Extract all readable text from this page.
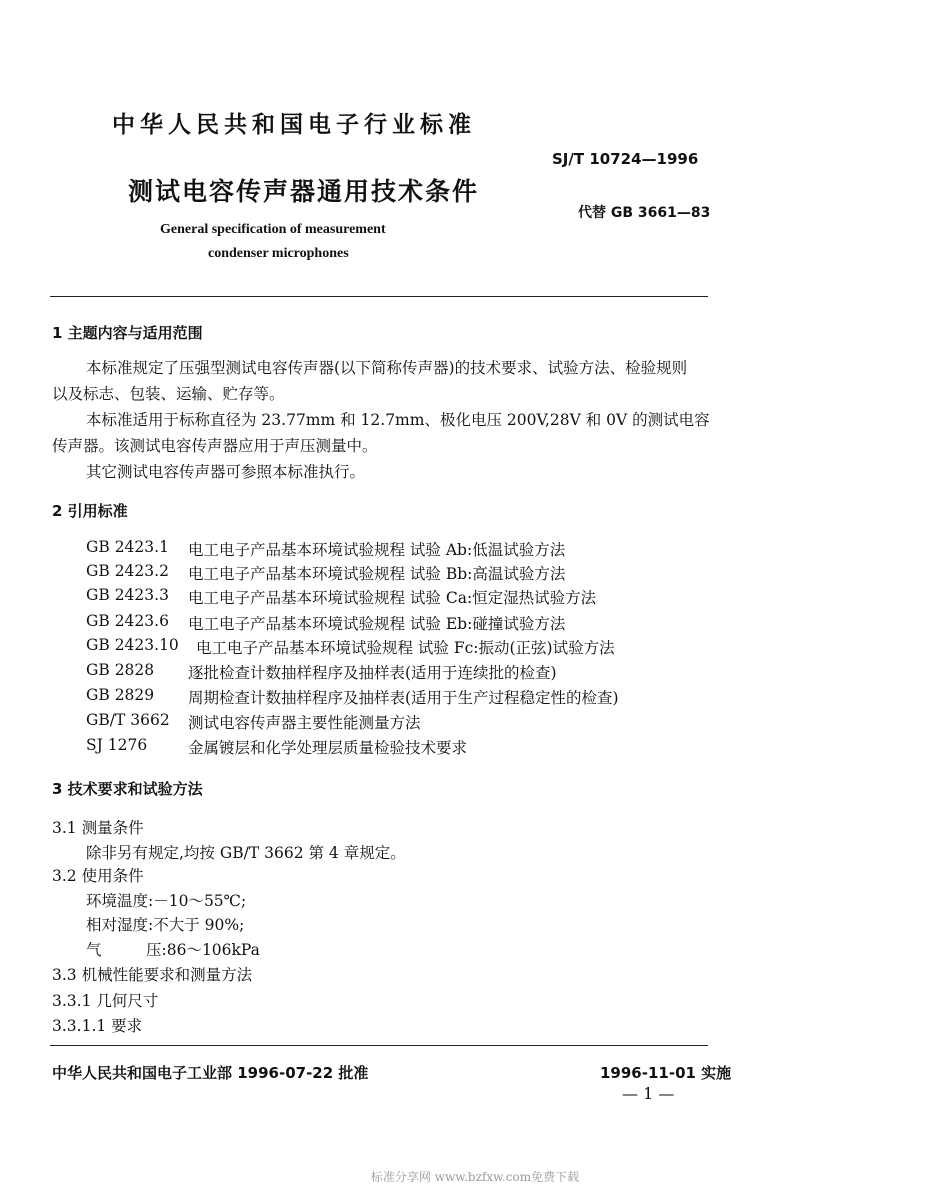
中华人民共和国电子行业标准
SJ/T 10724—1996
测试电容传声器通用技术条件
代替 GB 3661—83
General specification of measurement
condenser microphones
1 主题内容与适用范围
本标准规定了压强型测试电容传声器(以下简称传声器)的技术要求、试验方法、检验规则
以及标志、包装、运输、贮存等。
本标准适用于标称直径为 23.77mm 和 12.7mm、极化电压 200V,28V 和 0V 的测试电容
传声器。该测试电容传声器应用于声压测量中。
其它测试电容传声器可参照本标准执行。
2 引用标准
GB 2423.1 电工电子产品基本环境试验规程 试验 Ab:低温试验方法
GB 2423.2 电工电子产品基本环境试验规程 试验 Bb:高温试验方法
GB 2423.3 电工电子产品基本环境试验规程 试验 Ca:恒定湿热试验方法
GB 2423.6 电工电子产品基本环境试验规程 试验 Eb:碰撞试验方法
GB 2423.10 电工电子产品基本环境试验规程 试验 Fc:振动(正弦)试验方法
GB 2828 逐批检查计数抽样程序及抽样表(适用于连续批的检查)
GB 2829 周期检查计数抽样程序及抽样表(适用于生产过程稳定性的检查)
GB/T 3662 测试电容传声器主要性能测量方法
SJ 1276	金属镀层和化学处理层质量检验技术要求
3 技术要求和试验方法
3.1 测量条件
除非另有规定,均按 GB/T 3662 第 4 章规定。
3.2 使用条件
环境温度:－10～55℃;
相对湿度:不大于 90%;
气	压:86～106kPa
3.3 机械性能要求和测量方法
3.3.1 几何尺寸
3.3.1.1 要求
中华人民共和国电子工业部 1996-07-22 批准	1996-11-01 实施
— 1 —
标准分享网 www.bzfxw.com免费下载
